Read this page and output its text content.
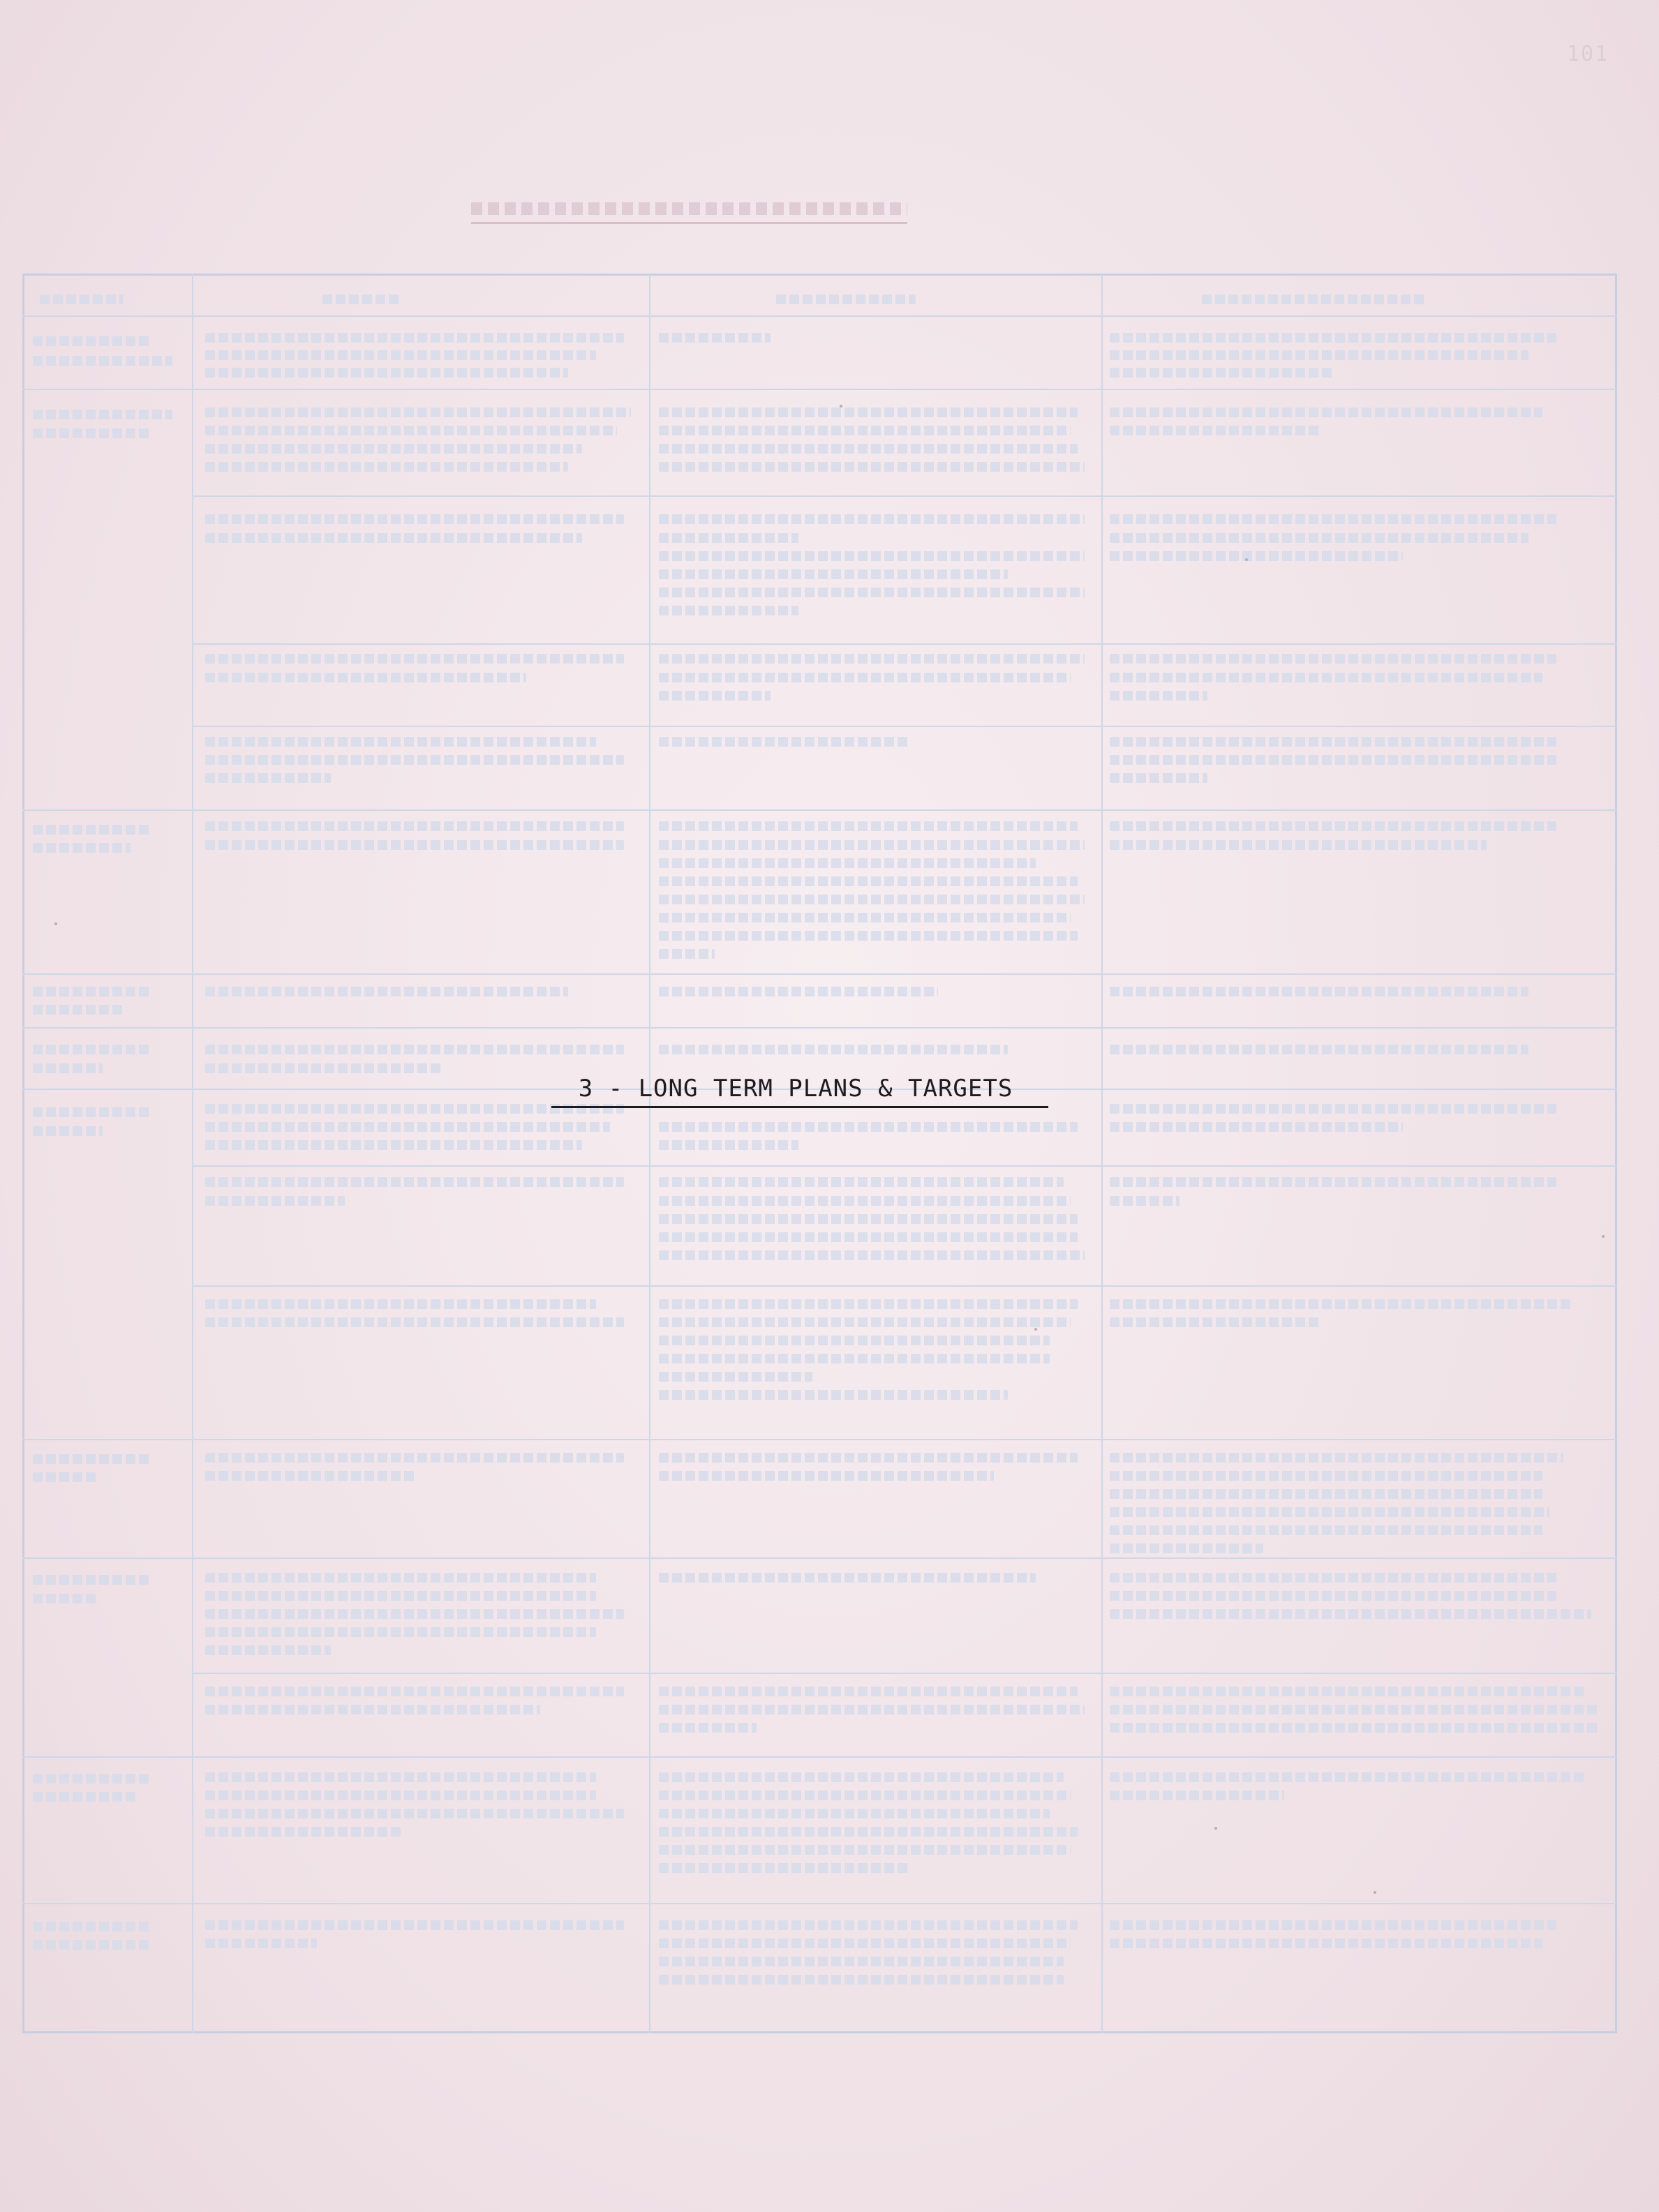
101
3 - LONG TERM PLANS & TARGETS
